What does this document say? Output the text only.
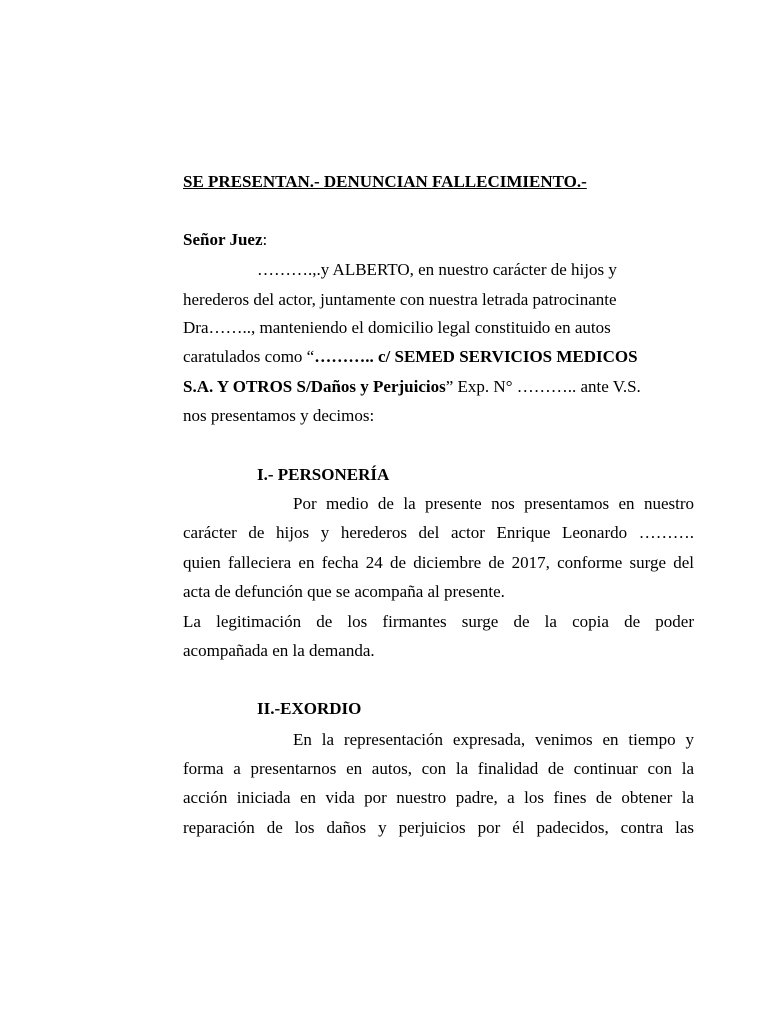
SE PRESENTAN.- DENUNCIAN FALLECIMIENTO.-
Señor Juez:
……….,.y ALBERTO, en nuestro carácter de hijos y
herederos del actor, juntamente con nuestra letrada patrocinante
Dra…….., manteniendo el domicilio legal constituido en autos
caratulados como “……….. c/ SEMED SERVICIOS MEDICOS
S.A. Y OTROS S/Daños y Perjuicios” Exp. N° ……….. ante V.S.
nos presentamos y decimos:
I.- PERSONERÍA
Por medio de la presente nos presentamos en nuestro
carácter de hijos y herederos del actor Enrique Leonardo ……….
quien falleciera en fecha 24 de diciembre de 2017, conforme surge del
acta de defunción que se acompaña al presente.
La legitimación de los firmantes surge de la copia de poder
acompañada en la demanda.
II.-EXORDIO
En la representación expresada, venimos en tiempo y
forma a presentarnos en autos, con la finalidad de continuar con la
acción iniciada en vida por nuestro padre, a los fines de obtener la
reparación de los daños y perjuicios por él padecidos, contra las
